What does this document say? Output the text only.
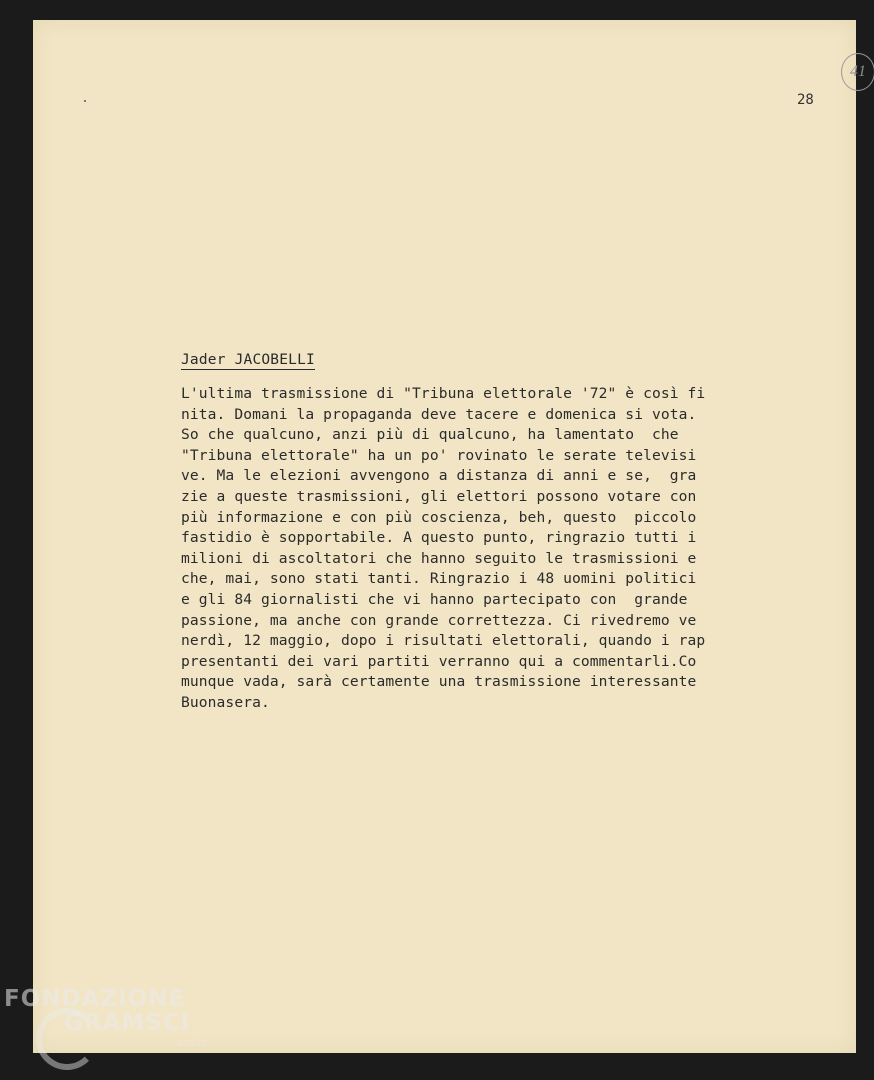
41
28
Jader JACOBELLI
L'ultima trasmissione di "Tribuna elettorale '72" è così fi
nita. Domani la propaganda deve tacere e domenica si vota.
So che qualcuno, anzi più di qualcuno, ha lamentato  che
"Tribuna elettorale" ha un po' rovinato le serate televisi
ve. Ma le elezioni avvengono a distanza di anni e se,  gra
zie a queste trasmissioni, gli elettori possono votare con
più informazione e con più coscienza, beh, questo  piccolo
fastidio è sopportabile. A questo punto, ringrazio tutti i
milioni di ascoltatori che hanno seguito le trasmissioni e
che, mai, sono stati tanti. Ringrazio i 48 uomini politici
e gli 84 giornalisti che vi hanno partecipato con  grande
passione, ma anche con grande correttezza. Ci rivedremo ve
nerdì, 12 maggio, dopo i risultati elettorali, quando i rap
presentanti dei vari partiti verranno qui a commentarli.Co
munque vada, sarà certamente una trasmissione interessante
Buonasera.
FONDAZIONE
GRAMSCI
onlus
